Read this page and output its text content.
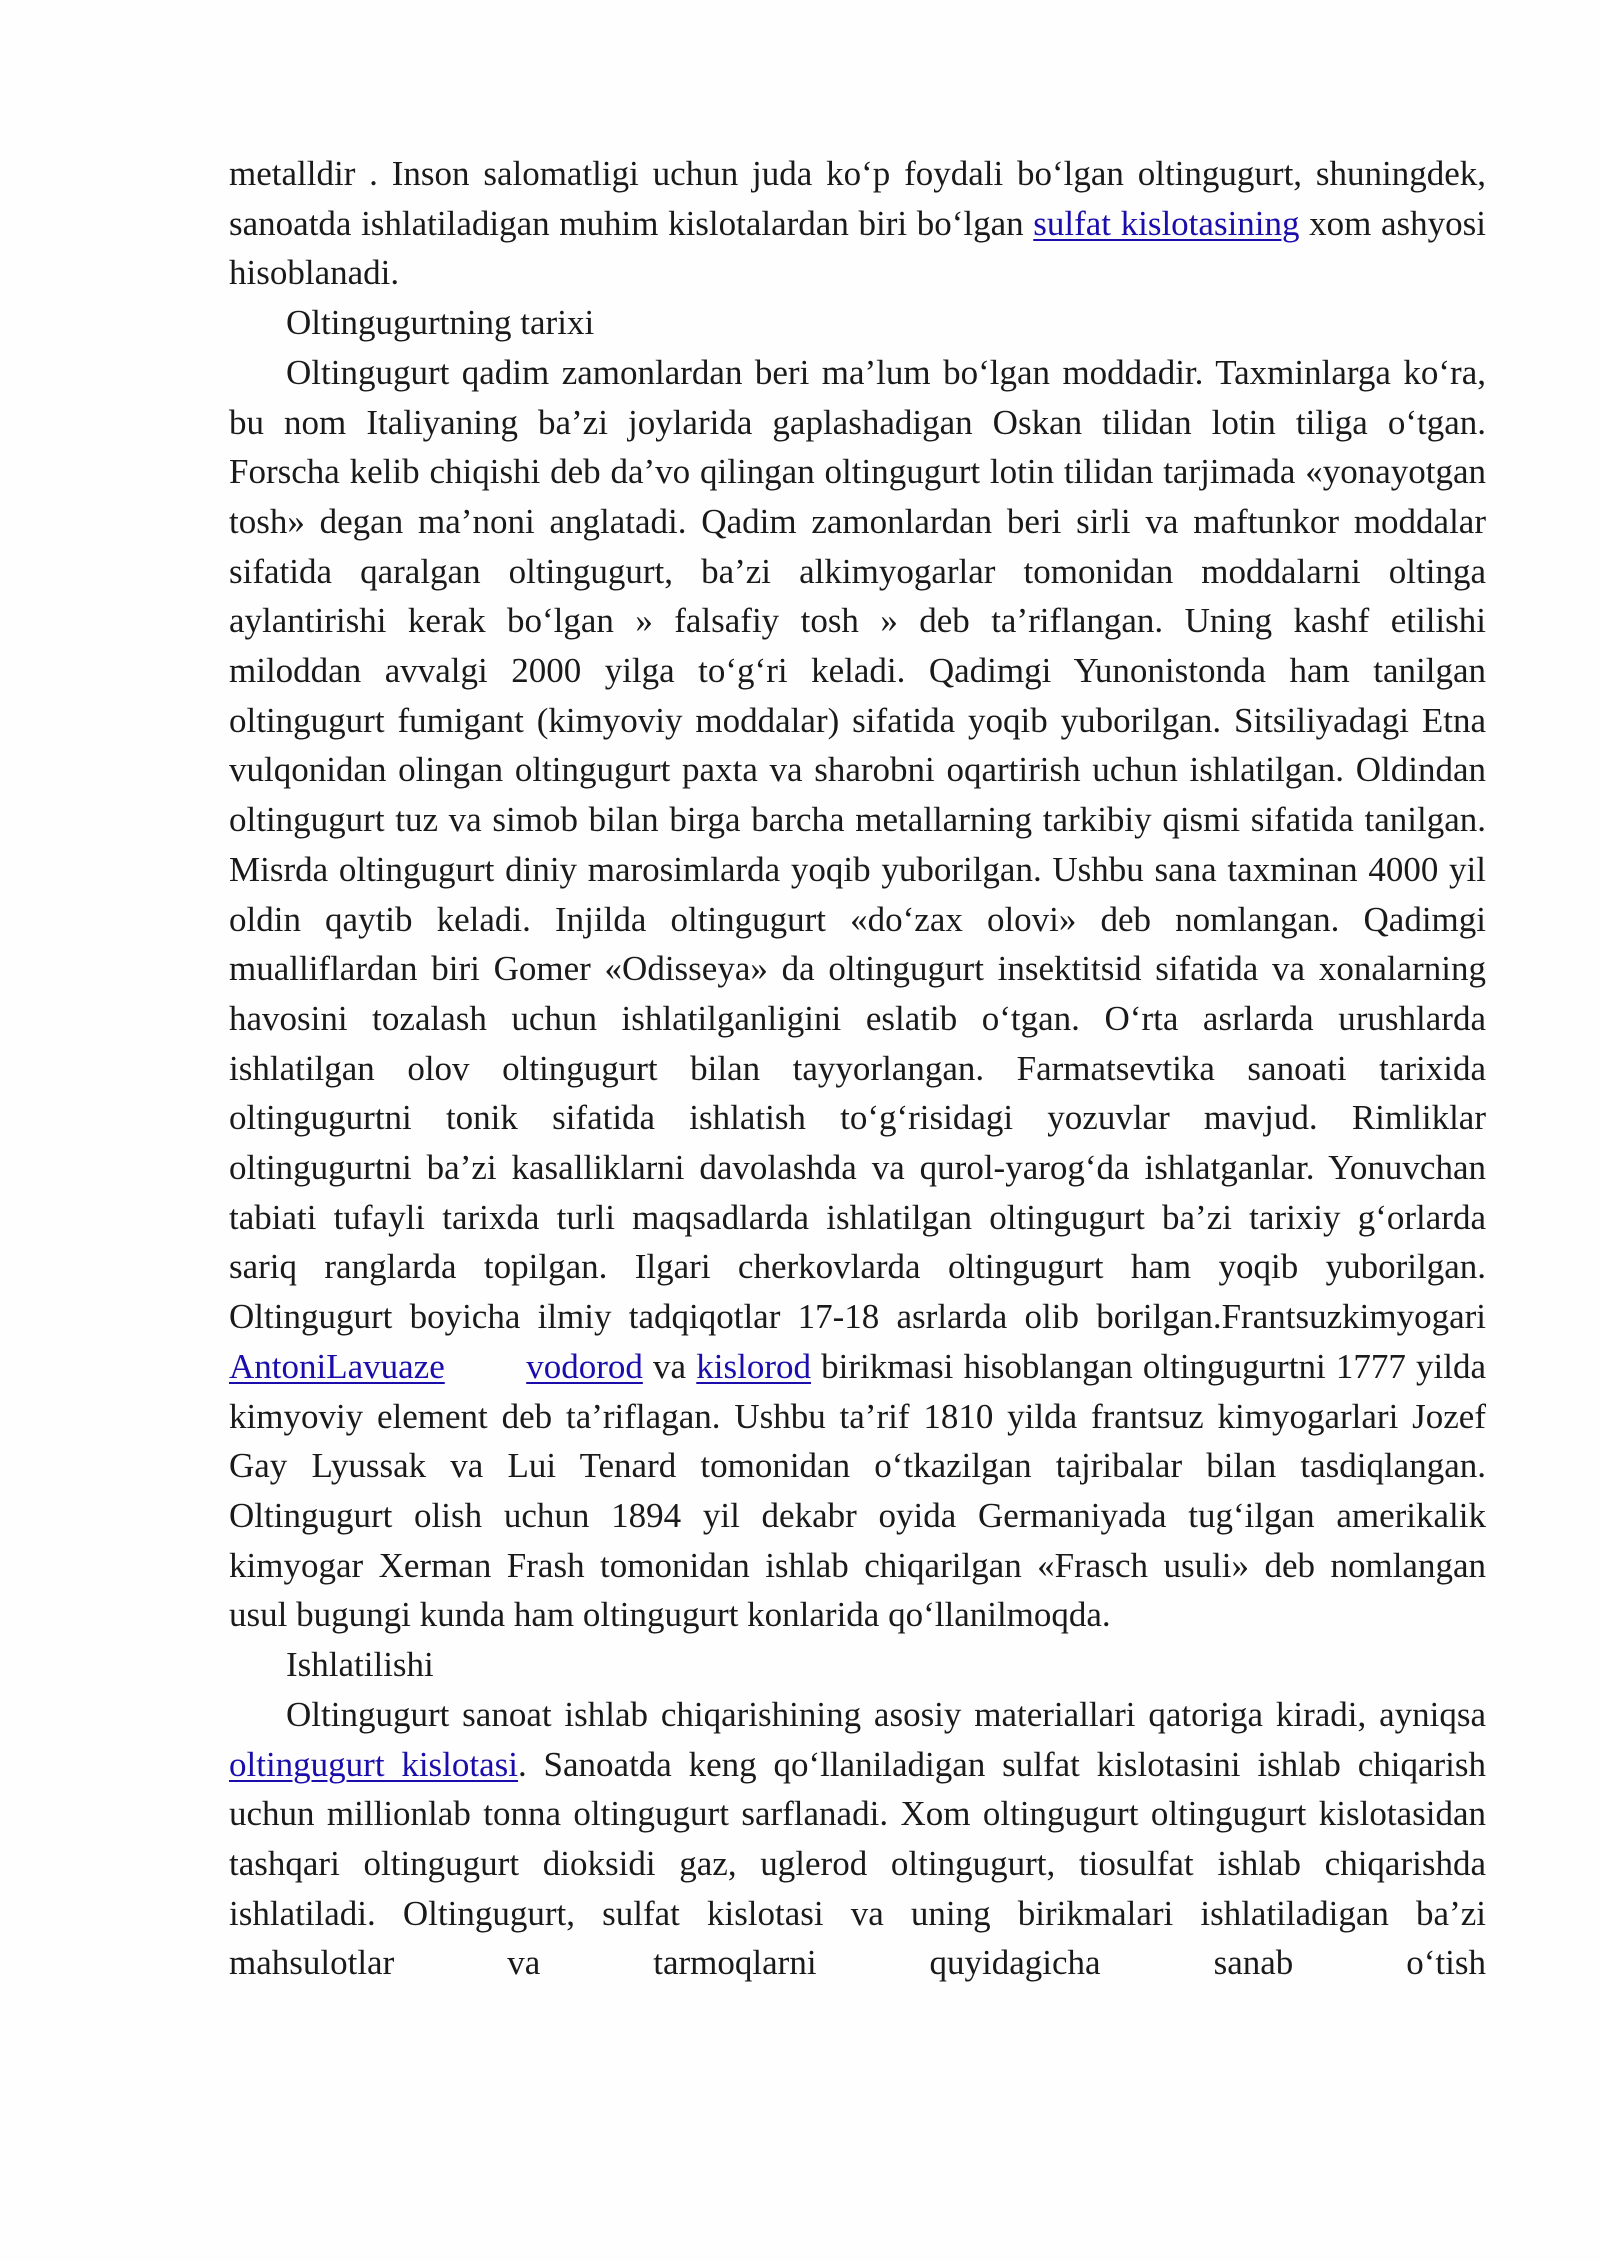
metalldir . Inson salomatligi uchun juda ko‘p foydali bo‘lgan oltingugurt, shuningdek, sanoatda ishlatiladigan muhim kislotalardan biri bo‘lgan sulfat kislotasining xom ashyosi hisoblanadi.

Oltingugurtning tarixi

Oltingugurt qadim zamonlardan beri ma’lum bo‘lgan moddadir. Taxminlarga ko‘ra, bu nom Italiyaning ba’zi joylarida gaplashadigan Oskan tilidan lotin tiliga o‘tgan. Forscha kelib chiqishi deb da’vo qilingan oltingugurt lotin tilidan tarjimada «yonayotgan tosh» degan ma’noni anglatadi. Qadim zamonlardan beri sirli va maftunkor moddalar sifatida qaralgan oltingugurt, ba’zi alkimyogarlar tomonidan moddalarni oltinga aylantirishi kerak bo‘lgan » falsafiy tosh » deb ta’riflangan. Uning kashf etilishi miloddan avvalgi 2000 yilga to‘g‘ri keladi. Qadimgi Yunonistonda ham tanilgan oltingugurt fumigant (kimyoviy moddalar) sifatida yoqib yuborilgan. Sitsiliyadagi Etna vulqonidan olingan oltingugurt paxta va sharobni oqartirish uchun ishlatilgan. Oldindan oltingugurt tuz va simob bilan birga barcha metallarning tarkibiy qismi sifatida tanilgan. Misrda oltingugurt diniy marosimlarda yoqib yuborilgan. Ushbu sana taxminan 4000 yil oldin qaytib keladi. Injilda oltingugurt «do‘zax olovi» deb nomlangan. Qadimgi mualliflardan biri Gomer «Odisseya» da oltingugurt insektitsid sifatida va xonalarning havosini tozalash uchun ishlatilganligini eslatib o‘tgan. O‘rta asrlarda urushlarda ishlatilgan olov oltingugurt bilan tayyorlangan. Farmatsevtika sanoati tarixida oltingugurtni tonik sifatida ishlatish to‘g‘risidagi yozuvlar mavjud. Rimliklar oltingugurtni ba’zi kasalliklarni davolashda va qurol-yarog‘da ishlatganlar. Yonuvchan tabiati tufayli tarixda turli maqsadlarda ishlatilgan oltingugurt ba’zi tarixiy g‘orlarda sariq ranglarda topilgan. Ilgari cherkovlarda oltingugurt ham yoqib yuborilgan. Oltingugurt boyicha ilmiy tadqiqotlar 17-18 asrlarda olib borilgan.Frantsuzkimyogari AntoniLavuaze vodorod va kislorod birikmasi hisoblangan oltingugurtni 1777 yilda kimyoviy element deb ta’riflagan. Ushbu ta’rif 1810 yilda frantsuz kimyogarlari Jozef Gay Lyussak va Lui Tenard tomonidan o‘tkazilgan tajribalar bilan tasdiqlangan. Oltingugurt olish uchun 1894 yil dekabr oyida Germaniyada tug‘ilgan amerikalik kimyogar Xerman Frash tomonidan ishlab chiqarilgan «Frasch usuli» deb nomlangan usul bugungi kunda ham oltingugurt konlarida qo‘llanilmoqda.

Ishlatilishi

Oltingugurt sanoat ishlab chiqarishining asosiy materiallari qatoriga kiradi, ayniqsa oltingugurt kislotasi. Sanoatda keng qo‘llaniladigan sulfat kislotasini ishlab chiqarish uchun millionlab tonna oltingugurt sarflanadi. Xom oltingugurt oltingugurt kislotasidan tashqari oltingugurt dioksidi gaz, uglerod oltingugurt, tiosulfat ishlab chiqarishda ishlatiladi. Oltingugurt, sulfat kislotasi va uning birikmalari ishlatiladigan ba’zi mahsulotlar va tarmoqlarni quyidagicha sanab o‘tish
